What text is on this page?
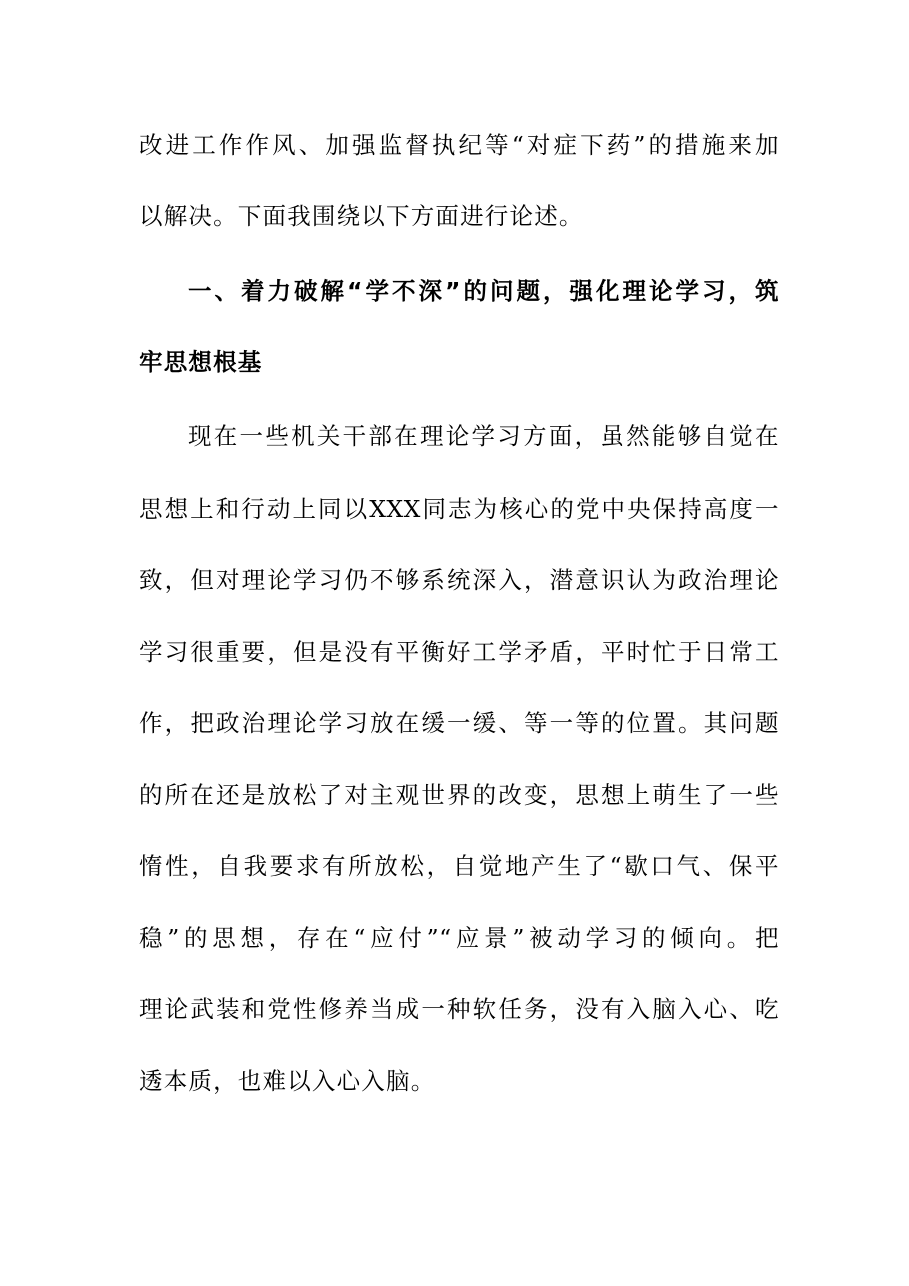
改进工作作风、加强监督执纪等“对症下药”的措施来加
以解决。下面我围绕以下方面进行论述。
一、着力破解“学不深”的问题，强化理论学习，筑
牢思想根基
现在一些机关干部在理论学习方面，虽然能够自觉在
思想上和行动上同以XXX同志为核心的党中央保持高度一
致，但对理论学习仍不够系统深入，潜意识认为政治理论
学习很重要，但是没有平衡好工学矛盾，平时忙于日常工
作，把政治理论学习放在缓一缓、等一等的位置。其问题
的所在还是放松了对主观世界的改变，思想上萌生了一些
惰性，自我要求有所放松，自觉地产生了“歇口气、保平
稳”的思想，存在“应付”“应景”被动学习的倾向。把
理论武装和党性修养当成一种软任务，没有入脑入心、吃
透本质，也难以入心入脑。
